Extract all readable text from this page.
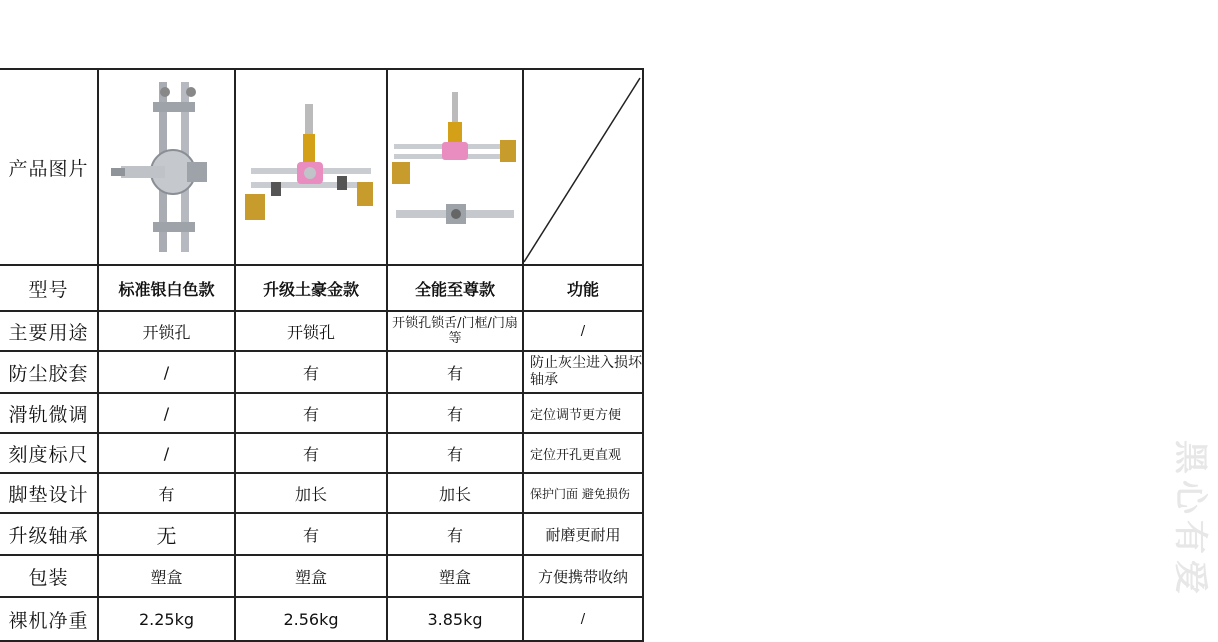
产品图片	

型号	标准银白色款	升级土豪金款	全能至尊款	功能
主要用途	开锁孔	开锁孔	开锁孔锁舌/门框/门扇等	/
防尘胶套	/	有	有	防止灰尘进入损坏轴承
滑轨微调	/	有	有	定位调节更方便
刻度标尺	/	有	有	定位开孔更直观
脚垫设计	有	加长	加长	保护门面 避免损伤
升级轴承	无	有	有	耐磨更耐用
包装	塑盒	塑盒	塑盒	方便携带收纳
裸机净重	2.25kg	2.56kg	3.85kg	/
黑心有爱
